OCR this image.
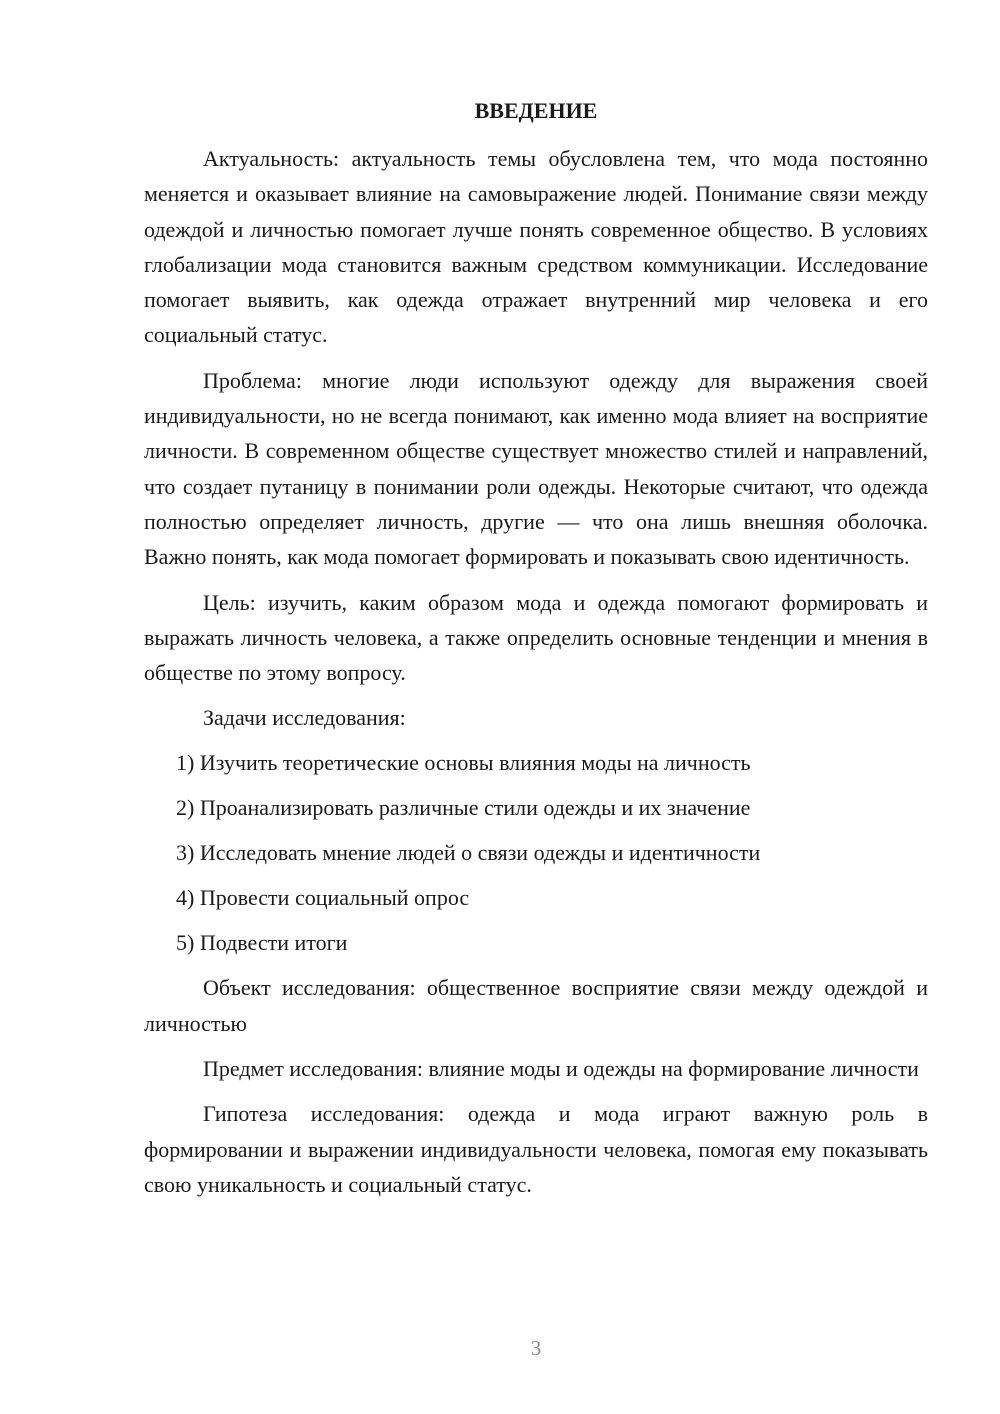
ВВЕДЕНИЕ

Актуальность: актуальность темы обусловлена тем, что мода постоянно меняется и оказывает влияние на самовыражение людей. Понимание связи между одеждой и личностью помогает лучше понять современное общество. В условиях глобализации мода становится важным средством коммуникации. Исследование помогает выявить, как одежда отражает внутренний мир человека и его социальный статус.

Проблема: многие люди используют одежду для выражения своей индивидуальности, но не всегда понимают, как именно мода влияет на восприятие личности. В современном обществе существует множество стилей и направлений, что создает путаницу в понимании роли одежды. Некоторые считают, что одежда полностью определяет личность, другие — что она лишь внешняя оболочка. Важно понять, как мода помогает формировать и показывать свою идентичность.

Цель: изучить, каким образом мода и одежда помогают формировать и выражать личность человека, а также определить основные тенденции и мнения в обществе по этому вопросу.

Задачи исследования:

1) Изучить теоретические основы влияния моды на личность

2) Проанализировать различные стили одежды и их значение

3) Исследовать мнение людей о связи одежды и идентичности

4) Провести социальный опрос

5) Подвести итоги

Объект исследования: общественное восприятие связи между одеждой и личностью

Предмет исследования: влияние моды и одежды на формирование личности

Гипотеза исследования: одежда и мода играют важную роль в формировании и выражении индивидуальности человека, помогая ему показывать свою уникальность и социальный статус.

3
